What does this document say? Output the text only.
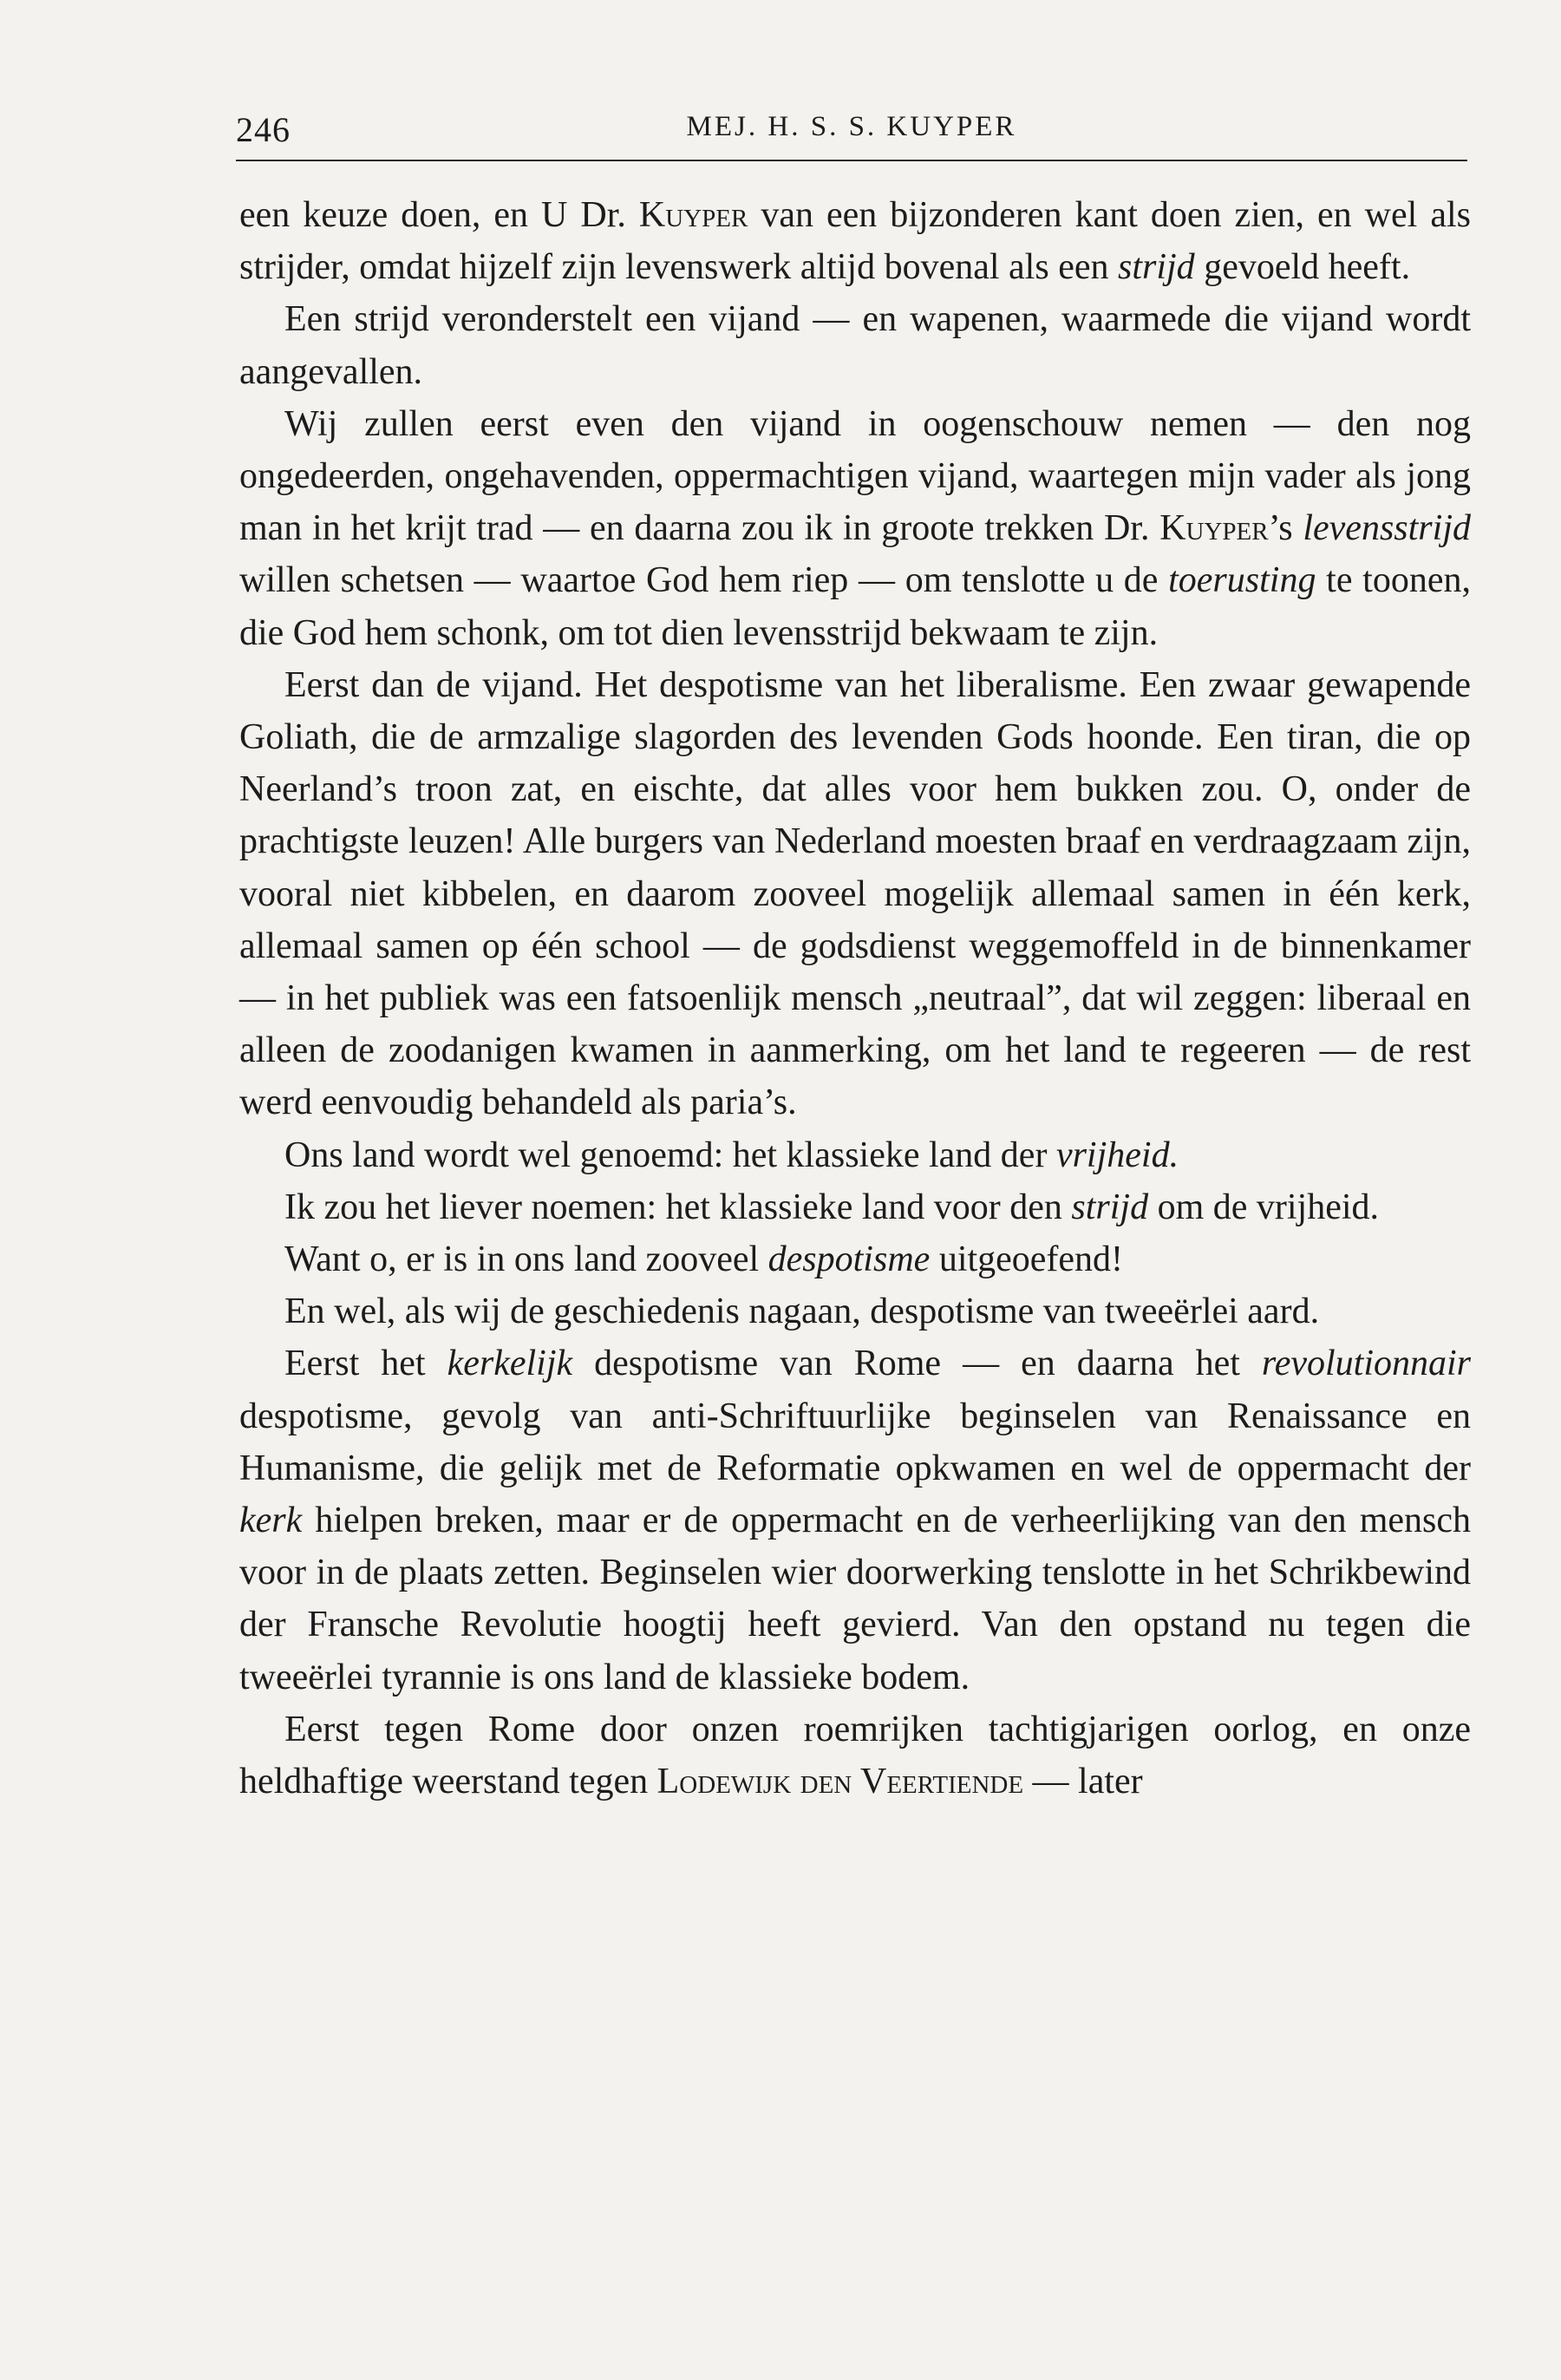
246	MEJ. H. S. S. KUYPER

een keuze doen, en U Dr. Kuyper van een bijzonderen kant doen zien, en wel als strijder, omdat hijzelf zijn levenswerk altijd bovenal als een strijd gevoeld heeft.

Een strijd veronderstelt een vijand — en wapenen, waarmede die vijand wordt aangevallen.

Wij zullen eerst even den vijand in oogenschouw nemen — den nog ongedeerden, ongehavenden, oppermachtigen vijand, waartegen mijn vader als jong man in het krijt trad — en daarna zou ik in groote trekken Dr. Kuyper’s levensstrijd willen schetsen — waartoe God hem riep — om tenslotte u de toerusting te toonen, die God hem schonk, om tot dien levensstrijd bekwaam te zijn.

Eerst dan de vijand. Het despotisme van het liberalisme. Een zwaar gewapende Goliath, die de armzalige slagorden des levenden Gods hoonde. Een tiran, die op Neerland’s troon zat, en eischte, dat alles voor hem bukken zou. O, onder de prachtigste leuzen! Alle burgers van Nederland moesten braaf en verdraagzaam zijn, vooral niet kibbelen, en daarom zooveel mogelijk allemaal samen in één kerk, allemaal samen op één school — de godsdienst weggemoffeld in de binnenkamer — in het publiek was een fatsoenlijk mensch „neutraal”, dat wil zeggen: liberaal en alleen de zoodanigen kwamen in aanmerking, om het land te regeeren — de rest werd eenvoudig behandeld als paria’s.

Ons land wordt wel genoemd: het klassieke land der vrijheid.

Ik zou het liever noemen: het klassieke land voor den strijd om de vrijheid.

Want o, er is in ons land zooveel despotisme uitgeoefend!

En wel, als wij de geschiedenis nagaan, despotisme van tweeërlei aard.

Eerst het kerkelijk despotisme van Rome — en daarna het revolutionnair despotisme, gevolg van anti-Schriftuurlijke beginselen van Renaissance en Humanisme, die gelijk met de Reformatie opkwamen en wel de oppermacht der kerk hielpen breken, maar er de oppermacht en de verheerlijking van den mensch voor in de plaats zetten. Beginselen wier doorwerking tenslotte in het Schrikbewind der Fransche Revolutie hoogtij heeft gevierd. Van den opstand nu tegen die tweeërlei tyrannie is ons land de klassieke bodem.

Eerst tegen Rome door onzen roemrijken tachtigjarigen oorlog, en onze heldhaftige weerstand tegen Lodewijk den Veertiende — later
